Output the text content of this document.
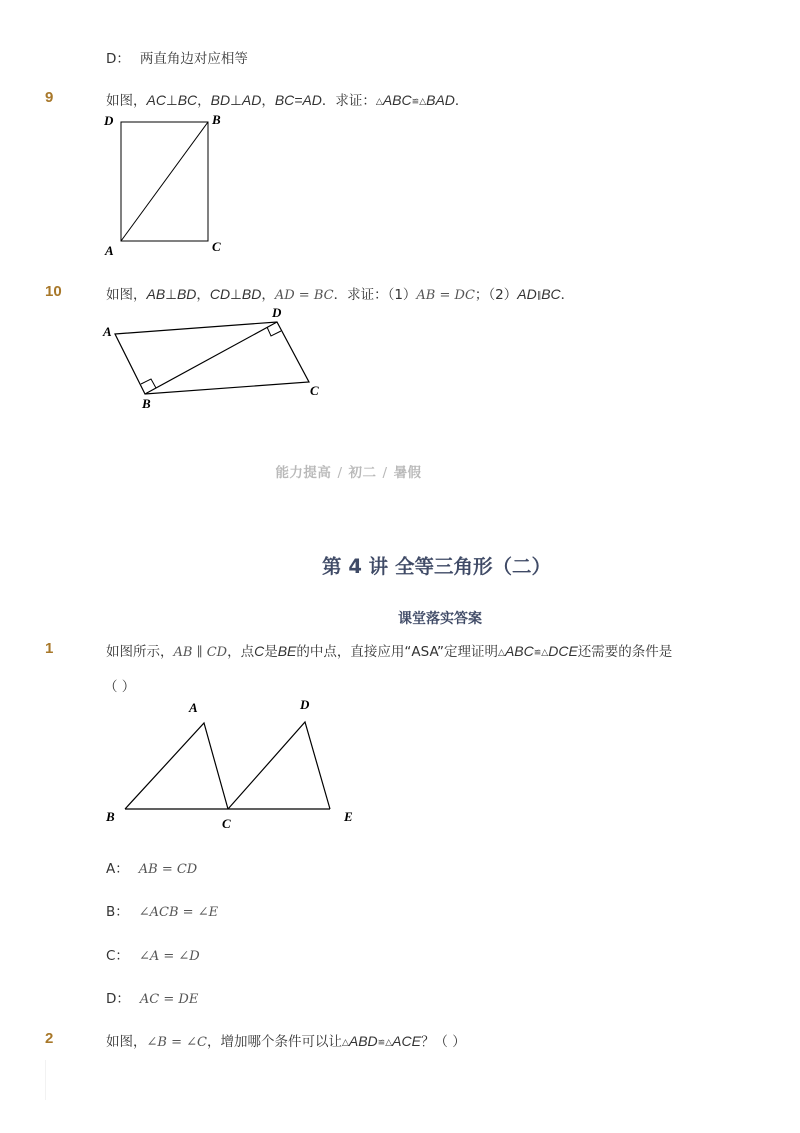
D： 两直角边对应相等
9	如图，AC⊥BC，BD⊥AD，BC=AD．求证：△ABC≌△BAD．
D	B
A	C
10	如图，AB⊥BD，CD⊥BD，AD = BC．求证：（1）AB = DC；（2）AD∥BC．
A
D
B
C
能力提高 / 初二 / 暑假
第 4 讲 全等三角形（二）
课堂落实答案
1	如图所示，AB ∥ CD，点C是BE的中点，直接应用“ASA”定理证明△ABC≌△DCE还需要的条件是
（ ）
A	D
B	C	E
A： AB = CD
B： ∠ACB = ∠E
C： ∠A = ∠D
D： AC = DE
2	如图，∠B = ∠C，增加哪个条件可以让△ABD≌△ACE？（ ）
